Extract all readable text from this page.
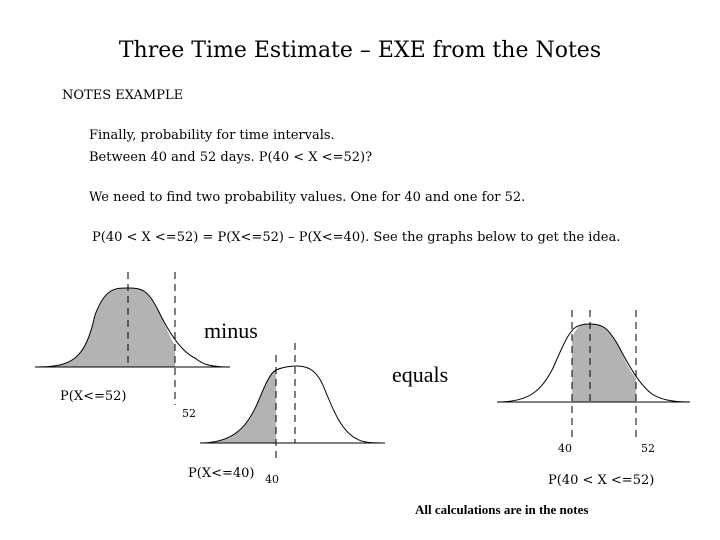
Three Time Estimate – EXE from the Notes
NOTES EXAMPLE
Finally, probability for time intervals.
Between 40 and 52 days. P(40 < X <=52)?
We need to find two probability values. One for 40 and one for 52.
P(40 < X <=52) = P(X<=52) – P(X<=40). See the graphs below to get the idea.
minus
equals
P(X<=52)
52
P(X<=40) 40
40	52
P(40 < X <=52)
All calculations are in the notes
